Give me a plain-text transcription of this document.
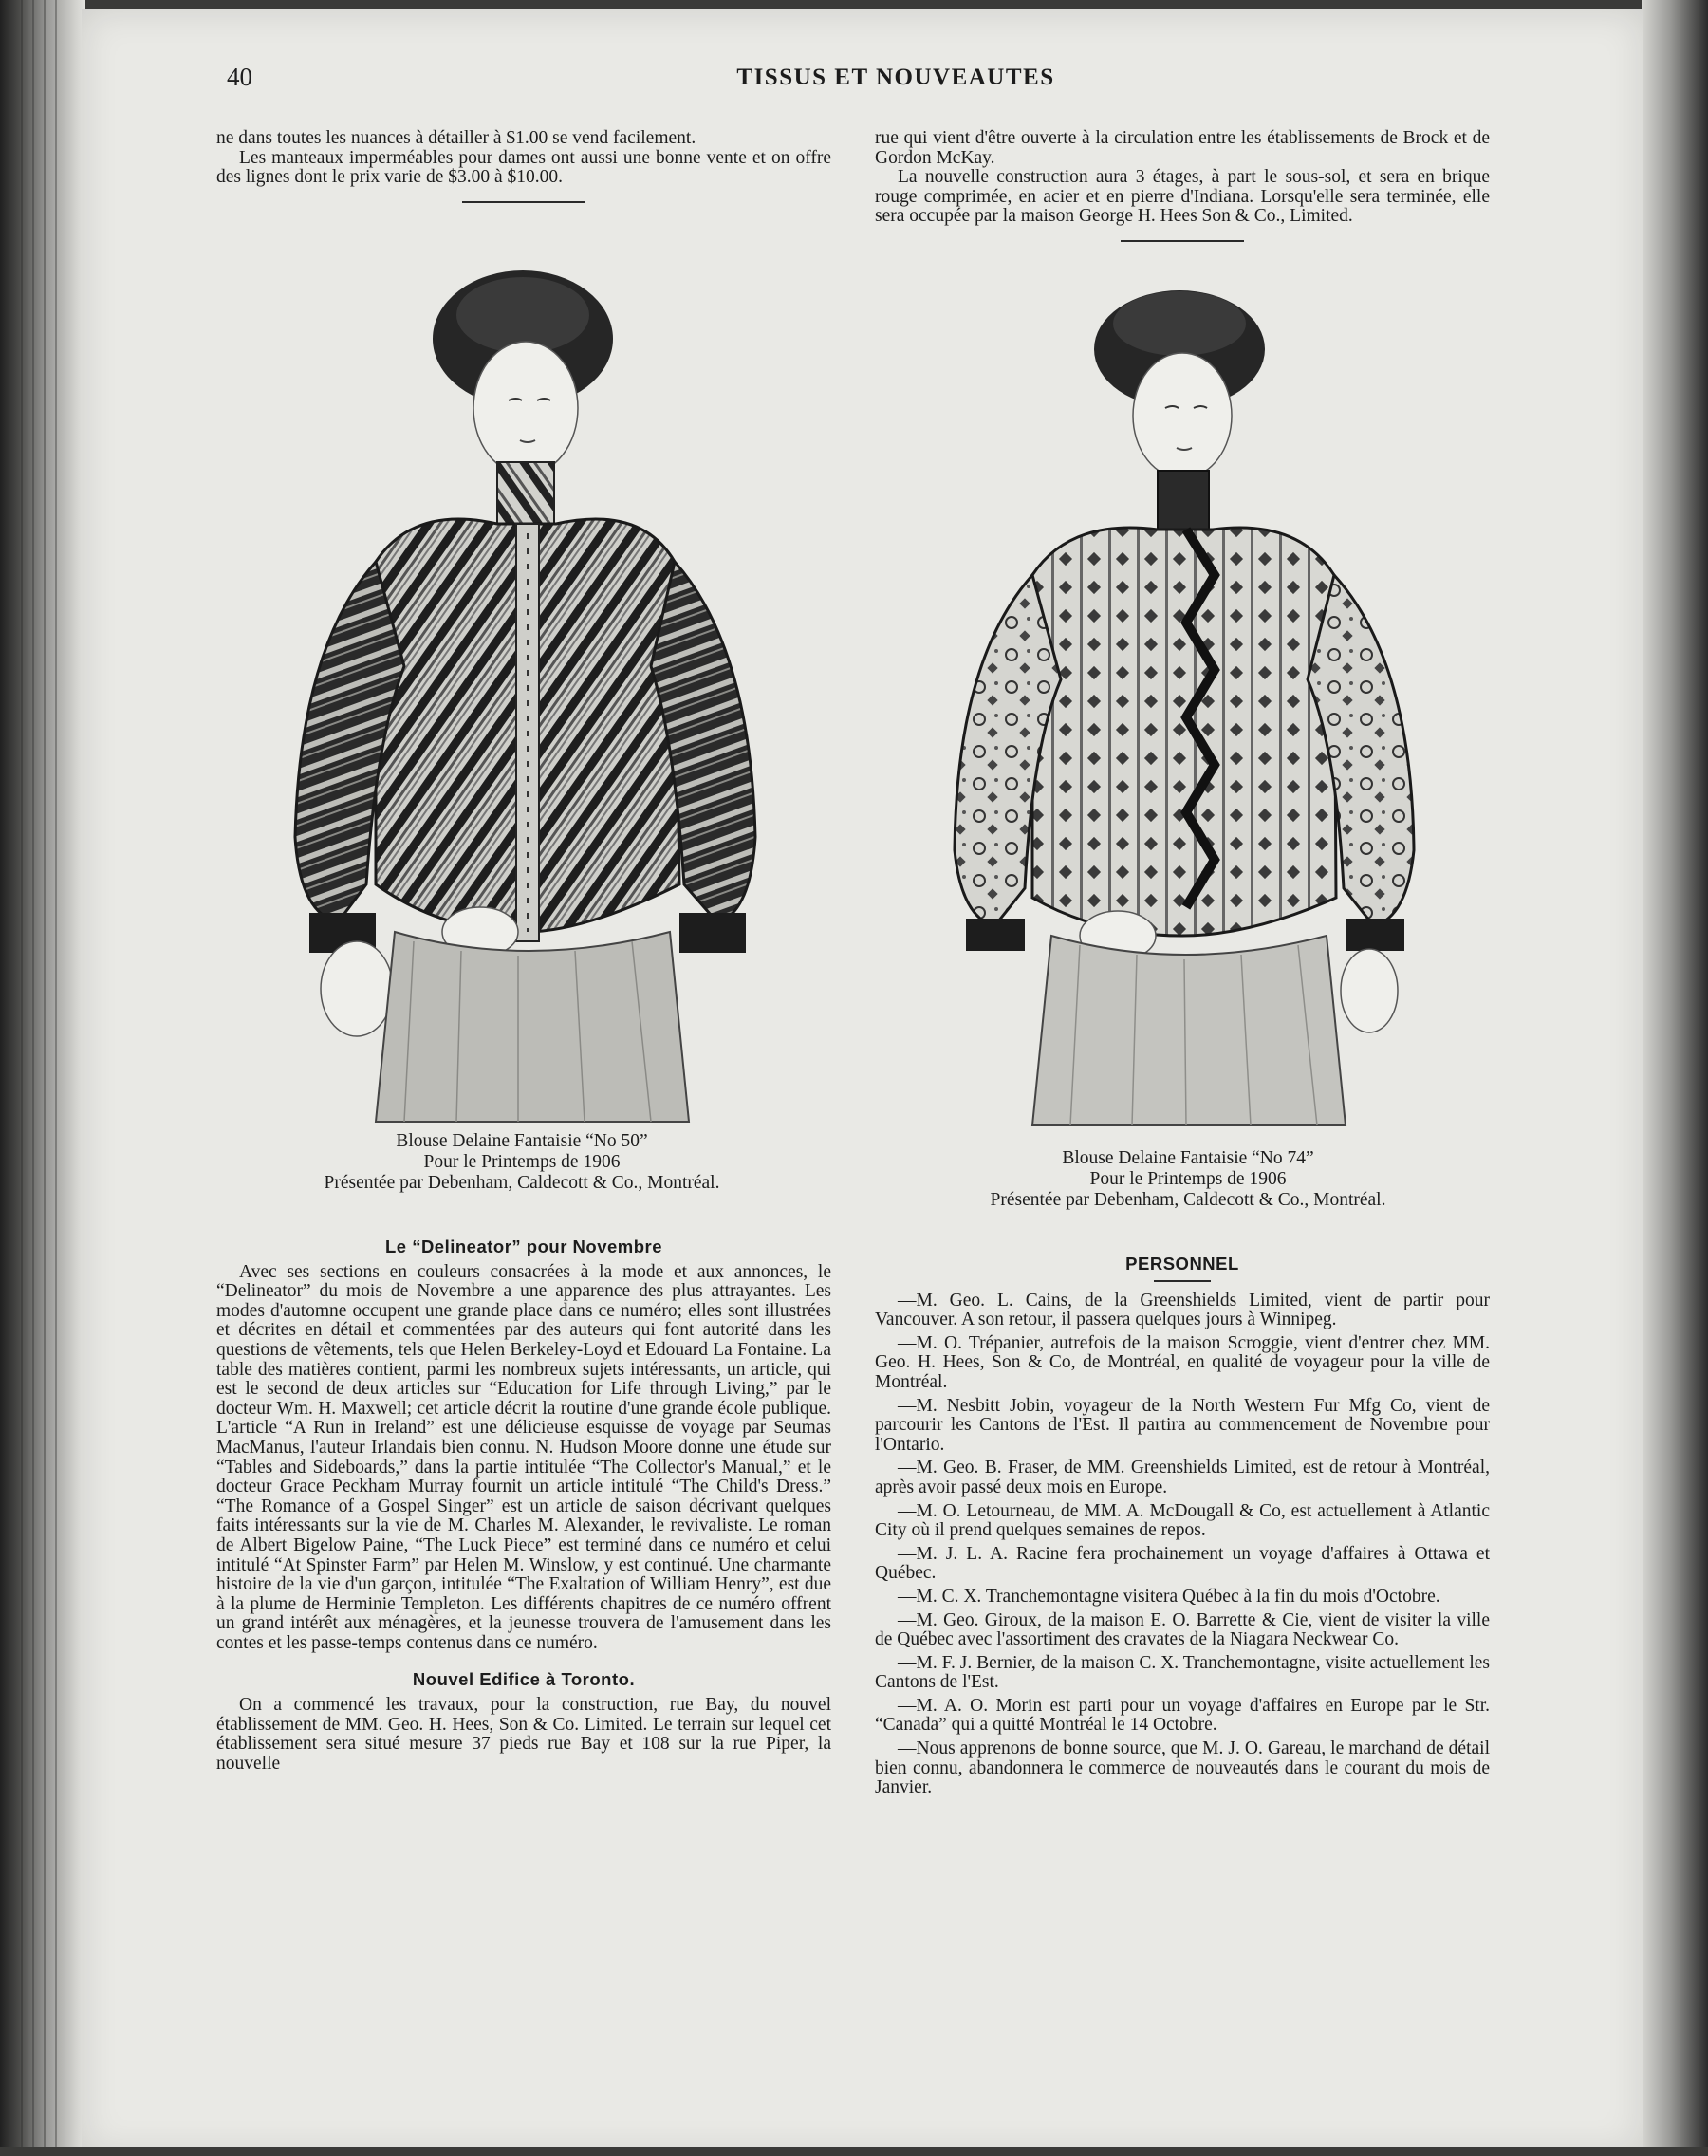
40	TISSUS ET NOUVEAUTES

ne dans toutes les nuances à détailler à $1.00 se vend facilement.

Les manteaux imperméables pour dames ont aussi une bonne vente et on offre des lignes dont le prix varie de $3.00 à $10.00.

Blouse Delaine Fantaisie “No 50”
Pour le Printemps de 1906
Présentée par Debenham, Caldecott & Co., Montréal.
Le “Delineator” pour Novembre

Avec ses sections en couleurs consacrées à la mode et aux annonces, le “Delineator” du mois de Novembre a une apparence des plus attrayantes. Les modes d'automne occupent une grande place dans ce numéro; elles sont illustrées et décrites en détail et commentées par des auteurs qui font autorité dans les questions de vêtements, tels que Helen Berkeley-Loyd et Edouard La Fontaine. La table des matières contient, parmi les nombreux sujets intéressants, un article, qui est le second de deux articles sur “Education for Life through Living,” par le docteur Wm. H. Maxwell; cet article décrit la routine d'une grande école publique. L'article “A Run in Ireland” est une délicieuse esquisse de voyage par Seumas MacManus, l'auteur Irlandais bien connu. N. Hudson Moore donne une étude sur “Tables and Sideboards,” dans la partie intitulée “The Collector's Manual,” et le docteur Grace Peckham Murray fournit un article intitulé “The Child's Dress.” “The Romance of a Gospel Singer” est un article de saison décrivant quelques faits intéressants sur la vie de M. Charles M. Alexander, le revivaliste. Le roman de Albert Bigelow Paine, “The Luck Piece” est terminé dans ce numéro et celui intitulé “At Spinster Farm” par Helen M. Winslow, y est continué. Une charmante histoire de la vie d'un garçon, intitulée “The Exaltation of William Henry”, est due à la plume de Herminie Templeton. Les différents chapitres de ce numéro offrent un grand intérêt aux ménagères, et la jeunesse trouvera de l'amusement dans les contes et les passe-temps contenus dans ce numéro.

Nouvel Edifice à Toronto.

On a commencé les travaux, pour la construction, rue Bay, du nouvel établissement de MM. Geo. H. Hees, Son & Co. Limited. Le terrain sur lequel cet établissement sera situé mesure 37 pieds rue Bay et 108 sur la rue Piper, la nouvelle

rue qui vient d'être ouverte à la circulation entre les établissements de Brock et de Gordon McKay.

La nouvelle construction aura 3 étages, à part le sous-sol, et sera en brique rouge comprimée, en acier et en pierre d'Indiana. Lorsqu'elle sera terminée, elle sera occupée par la maison George H. Hees Son & Co., Limited.

Blouse Delaine Fantaisie “No 74”
Pour le Printemps de 1906
Présentée par Debenham, Caldecott & Co., Montréal.
PERSONNEL

—M. Geo. L. Cains, de la Greenshields Limited, vient de partir pour Vancouver. A son retour, il passera quelques jours à Winnipeg.

—M. O. Trépanier, autrefois de la maison Scroggie, vient d'entrer chez MM. Geo. H. Hees, Son & Co, de Montréal, en qualité de voyageur pour la ville de Montréal.

—M. Nesbitt Jobin, voyageur de la North Western Fur Mfg Co, vient de parcourir les Cantons de l'Est. Il partira au commencement de Novembre pour l'Ontario.

—M. Geo. B. Fraser, de MM. Greenshields Limited, est de retour à Montréal, après avoir passé deux mois en Europe.

—M. O. Letourneau, de MM. A. McDougall & Co, est actuellement à Atlantic City où il prend quelques semaines de repos.

—M. J. L. A. Racine fera prochainement un voyage d'affaires à Ottawa et Québec.

—M. C. X. Tranchemontagne visitera Québec à la fin du mois d'Octobre.

—M. Geo. Giroux, de la maison E. O. Barrette & Cie, vient de visiter la ville de Québec avec l'assortiment des cravates de la Niagara Neckwear Co.

—M. F. J. Bernier, de la maison C. X. Tranchemontagne, visite actuellement les Cantons de l'Est.

—M. A. O. Morin est parti pour un voyage d'affaires en Europe par le Str. “Canada” qui a quitté Montréal le 14 Octobre.

—Nous apprenons de bonne source, que M. J. O. Gareau, le marchand de détail bien connu, abandonnera le commerce de nouveautés dans le courant du mois de Janvier.
